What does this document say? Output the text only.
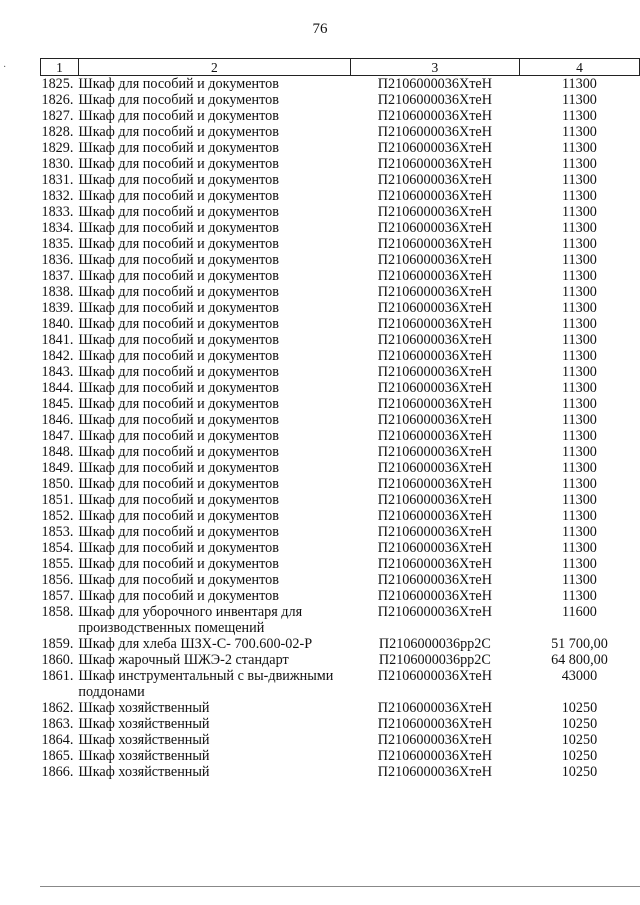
76
·	1	2	3	4
1825.	Шкаф для пособий и документов	П2106000036ХтеН	11300
1826.	Шкаф для пособий и документов	П2106000036ХтеН	11300
1827.	Шкаф для пособий и документов	П2106000036ХтеН	11300
1828.	Шкаф для пособий и документов	П2106000036ХтеН	11300
1829.	Шкаф для пособий и документов	П2106000036ХтеН	11300
1830.	Шкаф для пособий и документов	П2106000036ХтеН	11300
1831.	Шкаф для пособий и документов	П2106000036ХтеН	11300
1832.	Шкаф для пособий и документов	П2106000036ХтеН	11300
1833.	Шкаф для пособий и документов	П2106000036ХтеН	11300
1834.	Шкаф для пособий и документов	П2106000036ХтеН	11300
1835.	Шкаф для пособий и документов	П2106000036ХтеН	11300
1836.	Шкаф для пособий и документов	П2106000036ХтеН	11300
1837.	Шкаф для пособий и документов	П2106000036ХтеН	11300
1838.	Шкаф для пособий и документов	П2106000036ХтеН	11300
1839.	Шкаф для пособий и документов	П2106000036ХтеН	11300
1840.	Шкаф для пособий и документов	П2106000036ХтеН	11300
1841.	Шкаф для пособий и документов	П2106000036ХтеН	11300
1842.	Шкаф для пособий и документов	П2106000036ХтеН	11300
1843.	Шкаф для пособий и документов	П2106000036ХтеН	11300
1844.	Шкаф для пособий и документов	П2106000036ХтеН	11300
1845.	Шкаф для пособий и документов	П2106000036ХтеН	11300
1846.	Шкаф для пособий и документов	П2106000036ХтеН	11300
1847.	Шкаф для пособий и документов	П2106000036ХтеН	11300
1848.	Шкаф для пособий и документов	П2106000036ХтеН	11300
1849.	Шкаф для пособий и документов	П2106000036ХтеН	11300
1850.	Шкаф для пособий и документов	П2106000036ХтеН	11300
1851.	Шкаф для пособий и документов	П2106000036ХтеН	11300
1852.	Шкаф для пособий и документов	П2106000036ХтеН	11300
1853.	Шкаф для пособий и документов	П2106000036ХтеН	11300
1854.	Шкаф для пособий и документов	П2106000036ХтеН	11300
1855.	Шкаф для пособий и документов	П2106000036ХтеН	11300
1856.	Шкаф для пособий и документов	П2106000036ХтеН	11300
1857.	Шкаф для пособий и документов	П2106000036ХтеН	11300
1858.	Шкаф для уборочного инвентаря для производственных помещений	П2106000036ХтеН	11600
1859.	Шкаф для хлеба ШЗХ-С- 700.600-02-Р	П2106000036рр2С	51 700,00
1860.	Шкаф жарочный ШЖЭ-2 стандарт	П2106000036рр2С	64 800,00
1861.	Шкаф инструментальный с вы-движными поддонами	П2106000036ХтеН	43000
1862.	Шкаф хозяйственный	П2106000036ХтеН	10250
1863.	Шкаф хозяйственный	П2106000036ХтеН	10250
1864.	Шкаф хозяйственный	П2106000036ХтеН	10250
1865.	Шкаф хозяйственный	П2106000036ХтеН	10250
1866.	Шкаф хозяйственный	П2106000036ХтеН	10250
